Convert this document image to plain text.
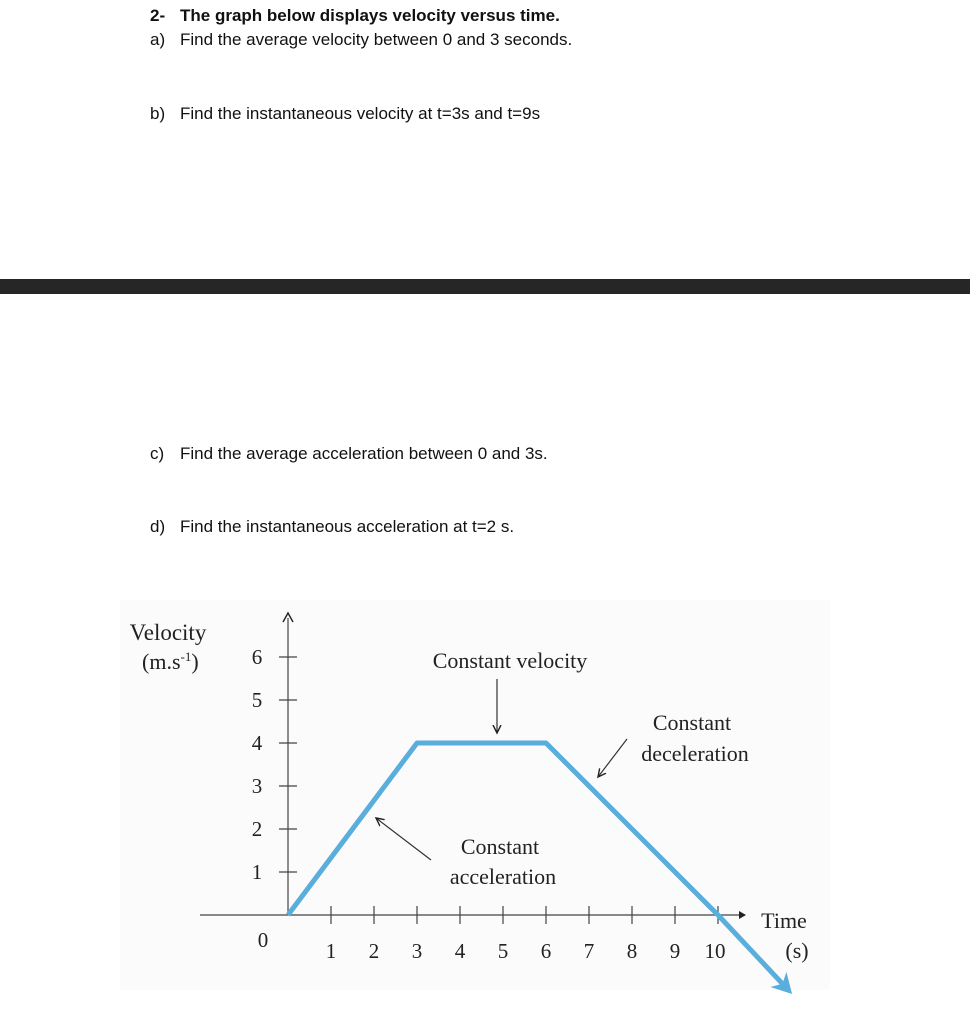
2- The graph below displays velocity versus time.
a) Find the average velocity between 0 and 3 seconds.
b) Find the instantaneous velocity at t=3s and t=9s
c) Find the average acceleration between 0 and 3s.
d) Find the instantaneous acceleration at t=2 s.
1
2
3
4
5
6
1 2 3 4 5 6 7 8 9 10
Velocity
$(m.s^{-1})$
Time
(s)
0
Constant velocity
Constant
deceleration
Constant
acceleration
